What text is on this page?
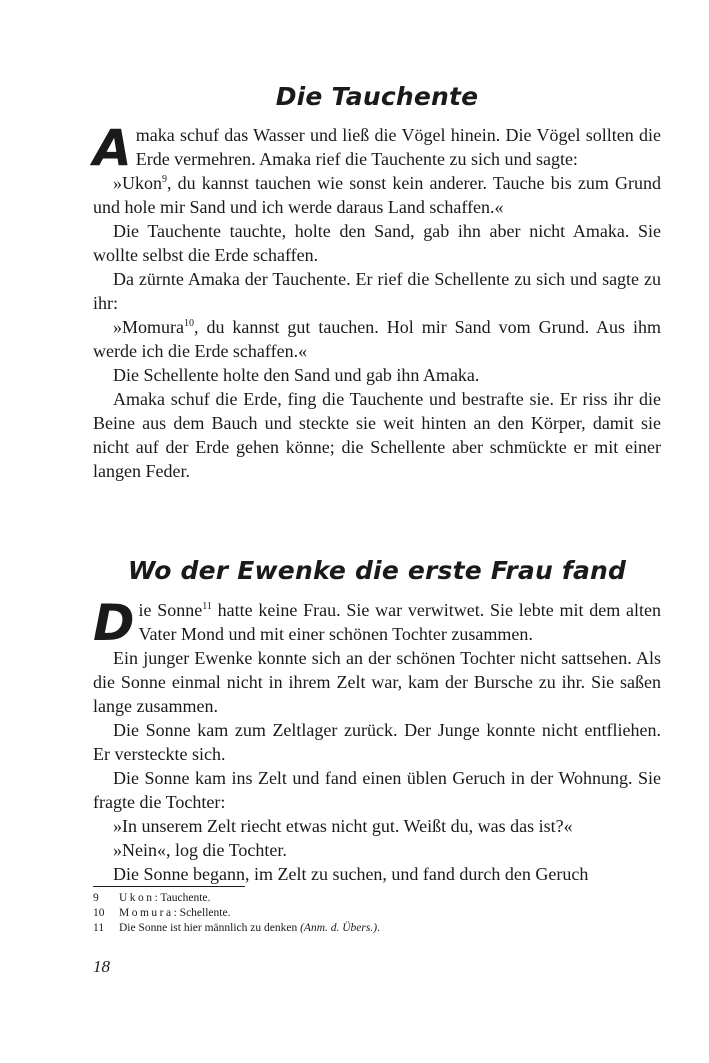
Die Tauchente

Amaka schuf das Wasser und ließ die Vögel hinein. Die Vögel sollten die Erde vermehren. Amaka rief die Tauchente zu sich und sagte:

»Ukon$^9$, du kannst tauchen wie sonst kein anderer. Tauche bis zum Grund und hole mir Sand und ich werde daraus Land schaffen.«

Die Tauchente tauchte, holte den Sand, gab ihn aber nicht Amaka. Sie wollte selbst die Erde schaffen.

Da zürnte Amaka der Tauchente. Er rief die Schellente zu sich und sagte zu ihr:

»Momura$^{10}$, du kannst gut tauchen. Hol mir Sand vom Grund. Aus ihm werde ich die Erde schaffen.«

Die Schellente holte den Sand und gab ihn Amaka.

Amaka schuf die Erde, fing die Tauchente und bestrafte sie. Er riss ihr die Beine aus dem Bauch und steckte sie weit hinten an den Körper, damit sie nicht auf der Erde gehen könne; die Schellente aber schmückte er mit einer langen Feder.

Wo der Ewenke die erste Frau fand

Die Sonne$^{11}$ hatte keine Frau. Sie war verwitwet. Sie lebte mit dem alten Vater Mond und mit einer schönen Tochter zusammen.

Ein junger Ewenke konnte sich an der schönen Tochter nicht sattsehen. Als die Sonne einmal nicht in ihrem Zelt war, kam der Bursche zu ihr. Sie saßen lange zusammen.

Die Sonne kam zum Zeltlager zurück. Der Junge konnte nicht entfliehen. Er versteckte sich.

Die Sonne kam ins Zelt und fand einen üblen Geruch in der Wohnung. Sie fragte die Tochter:

»In unserem Zelt riecht etwas nicht gut. Weißt du, was das ist?«

»Nein«, log die Tochter.

Die Sonne begann, im Zelt zu suchen, und fand durch den Geruch

9	Ukon: Tauchente.
10	Momura: Schellente.
11	Die Sonne ist hier männlich zu denken (Anm. d. Übers.).
18
